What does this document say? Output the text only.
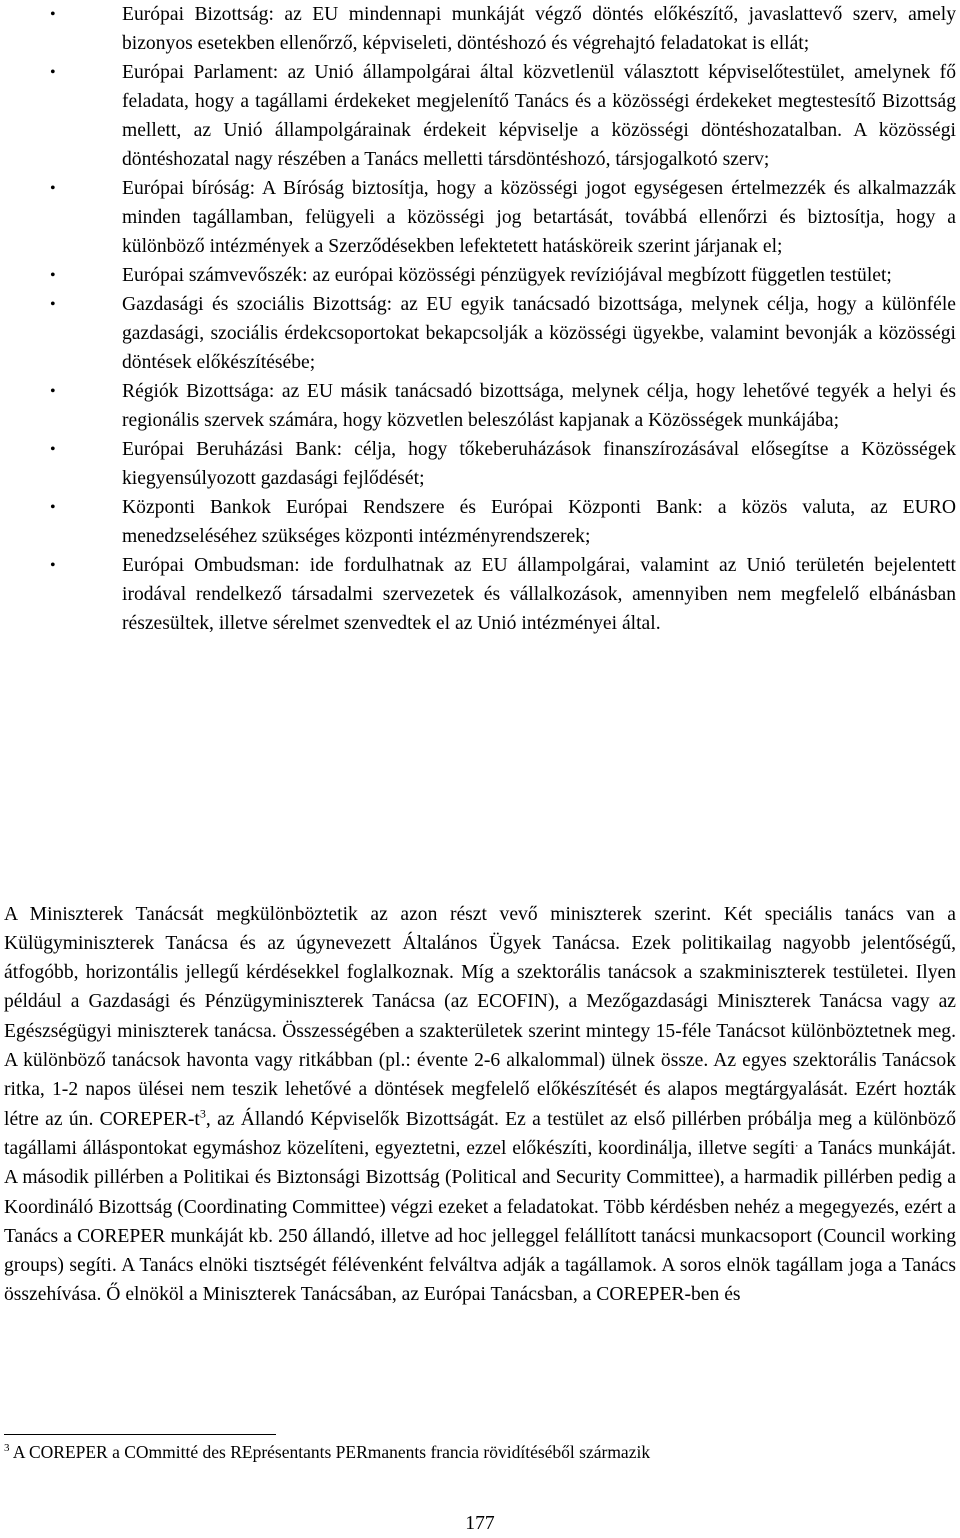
•	Európai Bizottság: az EU mindennapi munkáját végző döntés előkészítő, javaslattevő szerv, amely bizonyos esetekben ellenőrző, képviseleti, döntéshozó és végrehajtó feladatokat is ellát;
•	Európai Parlament: az Unió állampolgárai által közvetlenül választott képviselőtestület, amelynek fő feladata, hogy a tagállami érdekeket megjelenítő Tanács és a közösségi érdekeket megtestesítő Bizottság mellett, az Unió állampolgárainak érdekeit képviselje a közösségi döntéshozatalban. A közösségi döntéshozatal nagy részében a Tanács melletti társdöntéshozó, társjogalkotó szerv;
•	Európai bíróság: A Bíróság biztosítja, hogy a közösségi jogot egységesen értelmezzék és alkalmazzák minden tagállamban, felügyeli a közösségi jog betartását, továbbá ellenőrzi és biztosítja, hogy a különböző intézmények a Szerződésekben lefektetett hatásköreik szerint járjanak el;
•	Európai számvevőszék: az európai közösségi pénzügyek revíziójával megbízott független testület;
•	Gazdasági és szociális Bizottság: az EU egyik tanácsadó bizottsága, melynek célja, hogy a különféle gazdasági, szociális érdekcsoportokat bekapcsolják a közösségi ügyekbe, valamint bevonják a közösségi döntések előkészítésébe;
•	Régiók Bizottsága: az EU másik tanácsadó bizottsága, melynek célja, hogy lehetővé tegyék a helyi és regionális szervek számára, hogy közvetlen beleszólást kapjanak a Közösségek munkájába;
•	Európai Beruházási Bank: célja, hogy tőkeberuházások finanszírozásával elősegítse a Közösségek kiegyensúlyozott gazdasági fejlődését;
•	Központi Bankok Európai Rendszere és Európai Központi Bank: a közös valuta, az EURO menedzseléséhez szükséges központi intézményrendszerek;
•	Európai Ombudsman: ide fordulhatnak az EU állampolgárai, valamint az Unió területén bejelentett irodával rendelkező társadalmi szervezetek és vállalkozások, amennyiben nem megfelelő elbánásban részesültek, illetve sérelmet szenvedtek el az Unió intézményei által.

A Miniszterek Tanácsát megkülönböztetik az azon részt vevő miniszterek szerint. Két speciális tanács van a Külügyminiszterek Tanácsa és az úgynevezett Általános Ügyek Tanácsa. Ezek politikailag nagyobb jelentőségű, átfogóbb, horizontális jellegű kérdésekkel foglalkoznak. Míg a szektorális tanácsok a szakminiszterek testületei. Ilyen például a Gazdasági és Pénzügyminiszterek Tanácsa (az ECOFIN), a Mezőgazdasági Miniszterek Tanácsa vagy az Egészségügyi miniszterek tanácsa. Összességében a szakterületek szerint mintegy 15-féle Tanácsot különböztetnek meg. A különböző tanácsok havonta vagy ritkábban (pl.: évente 2-6 alkalommal) ülnek össze. Az egyes szektorális Tanácsok ritka, 1-2 napos ülései nem teszik lehetővé a döntések megfelelő előkészítését és alapos megtárgyalását. Ezért hozták létre az ún. COREPER-$t^3$, az Állandó Képviselők Bizottságát. Ez a testület az első pillérben próbálja meg a különböző tagállami álláspontokat egymáshoz közelíteni, egyeztetni, ezzel előkészíti, koordinálja, illetve segíti. a Tanács munkáját. A második pillérben a Politikai és Biztonsági Bizottság (Political and Security Committee), a harmadik pillérben pedig a Koordináló Bizottság (Coordinating Committee) végzi ezeket a feladatokat. Több kérdésben nehéz a megegyezés, ezért a Tanács a COREPER munkáját kb. 250 állandó, illetve ad hoc jelleggel felállított tanácsi munkacsoport (Council working groups) segíti. A Tanács elnöki tisztségét félévenként felváltva adják a tagállamok. A soros elnök tagállam joga a Tanács összehívása. Ő elnököl a Miniszterek Tanácsában, az Európai Tanácsban, a COREPER-ben és

$^3$ A COREPER a COmmitté des REprésentants PERmanents francia rövidítéséből származik
177
